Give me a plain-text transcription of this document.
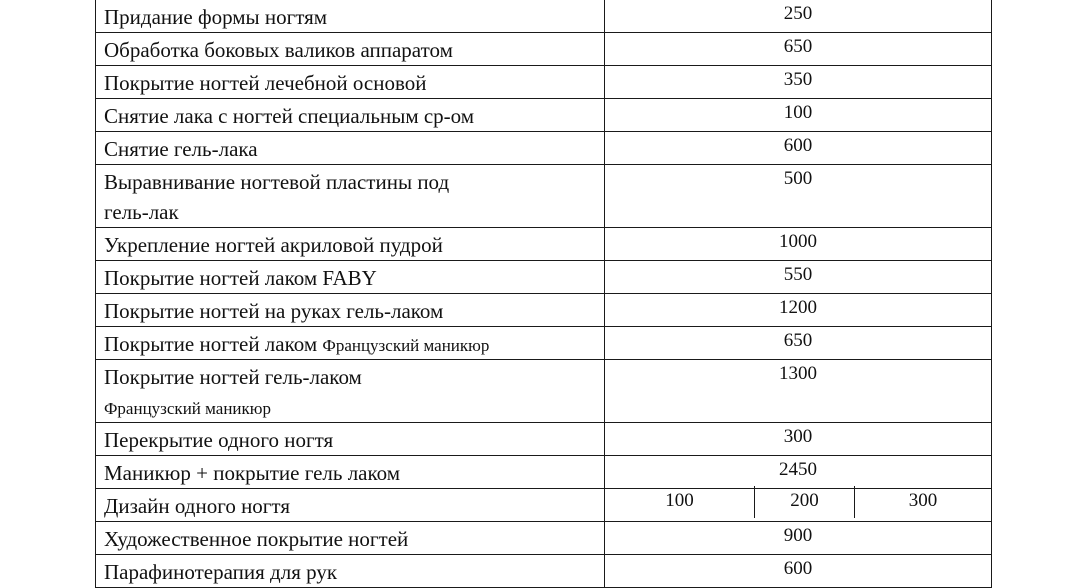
Придание формы ногтям	250
Обработка боковых валиков аппаратом	650
Покрытие ногтей лечебной основой	350
Снятие лака с ногтей специальным ср-ом	100
Снятие гель-лака	600
Выравнивание ногтевой пластины под
гель-лак	500
Укрепление ногтей акриловой пудрой	1000
Покрытие ногтей лаком FABY	550
Покрытие ногтей на руках гель-лаком	1200
Покрытие ногтей лаком Французский маникюр	650
Покрытие ногтей гель-лаком
Французский маникюр	1300
Перекрытие одного ногтя	300
Маникюр + покрытие гель лаком	2450
Дизайн одного ногтя	100 200 300

Художественное покрытие ногтей	900
Парафинотерапия для рук	600
